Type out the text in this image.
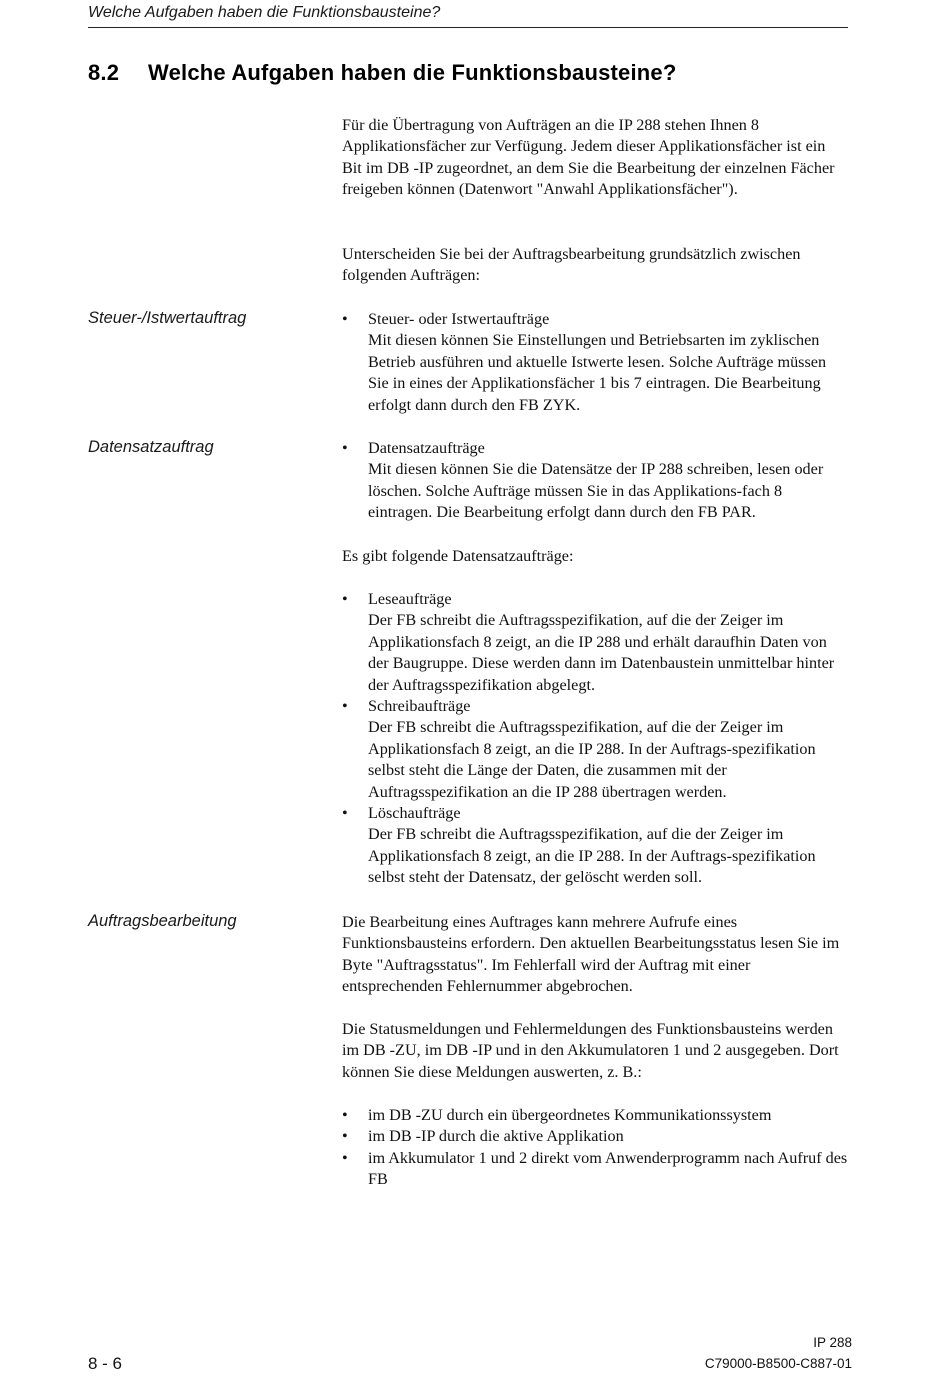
Welche Aufgaben haben die Funktionsbausteine?
8.2 Welche Aufgaben haben die Funktionsbausteine?

Für die Übertragung von Aufträgen an die IP 288 stehen Ihnen 8 Applikationsfächer zur Verfügung. Jedem dieser Applikationsfächer ist ein Bit im DB -IP zugeordnet, an dem Sie die Bearbeitung der einzelnen Fächer freigeben können (Datenwort "Anwahl Applikationsfächer").

Unterscheiden Sie bei der Auftragsbearbeitung grundsätzlich zwischen folgenden Aufträgen:

Steuer-/Istwertauftrag	•	Steuer- oder Istwertaufträge
Mit diesen können Sie Einstellungen und Betriebsarten im zyklischen Betrieb ausführen und aktuelle Istwerte lesen. Solche Aufträge müssen Sie in eines der Applikationsfächer 1 bis 7 eintragen. Die Bearbeitung erfolgt dann durch den FB ZYK.
Datensatzauftrag	•	Datensatzaufträge
Mit diesen können Sie die Datensätze der IP 288 schreiben, lesen oder löschen. Solche Aufträge müssen Sie in das Applikations-fach 8 eintragen. Die Bearbeitung erfolgt dann durch den FB PAR.

Es gibt folgende Datensatzaufträge:

•	Leseaufträge
Der FB schreibt die Auftragsspezifikation, auf die der Zeiger im Applikationsfach 8 zeigt, an die IP 288 und erhält daraufhin Daten von der Baugruppe. Diese werden dann im Datenbaustein unmittelbar hinter der Auftragsspezifikation abgelegt.
•	Schreibaufträge
Der FB schreibt die Auftragsspezifikation, auf die der Zeiger im Applikationsfach 8 zeigt, an die IP 288. In der Auftrags-spezifikation selbst steht die Länge der Daten, die zusammen mit der Auftragsspezifikation an die IP 288 übertragen werden.
•	Löschaufträge
Der FB schreibt die Auftragsspezifikation, auf die der Zeiger im Applikationsfach 8 zeigt, an die IP 288. In der Auftrags-spezifikation selbst steht der Datensatz, der gelöscht werden soll.
Auftragsbearbeitung	Die Bearbeitung eines Auftrages kann mehrere Aufrufe eines Funktionsbausteins erfordern. Den aktuellen Bearbeitungsstatus lesen Sie im Byte "Auftragsstatus". Im Fehlerfall wird der Auftrag mit einer entsprechenden Fehlernummer abgebrochen.

Die Statusmeldungen und Fehlermeldungen des Funktionsbausteins werden im DB -ZU, im DB -IP und in den Akkumulatoren 1 und 2 ausgegeben. Dort können Sie diese Meldungen auswerten, z. B.:

•	im DB -ZU durch ein übergeordnetes Kommunikationssystem
•	im DB -IP durch die aktive Applikation
•	im Akkumulator 1 und 2 direkt vom Anwenderprogramm nach Aufruf des FB
8 - 6
IP 288
C79000-B8500-C887-01
